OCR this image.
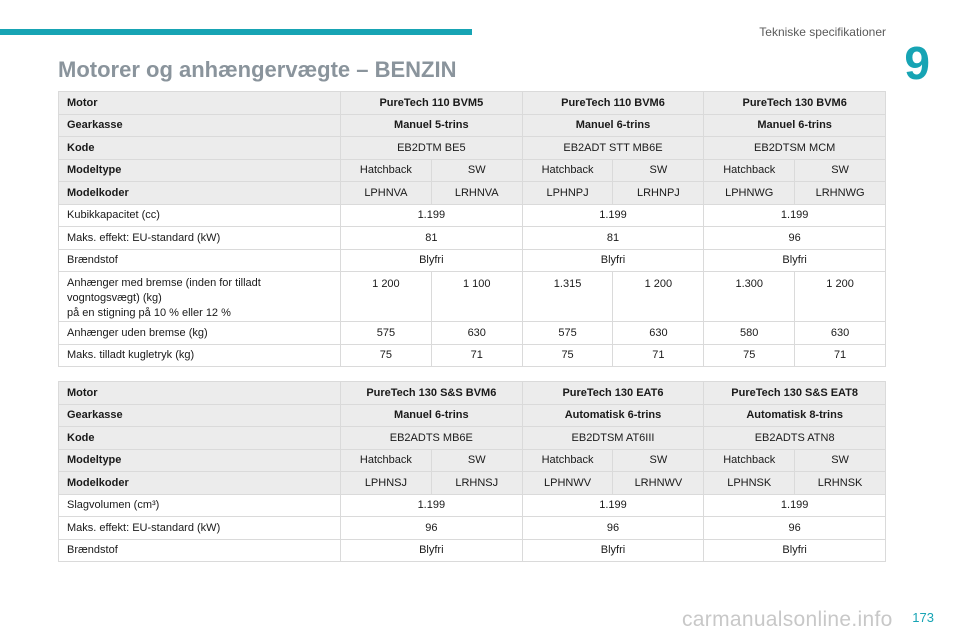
Tekniske specifikationer
9
Motorer og anhængervægte – BENZIN
Motor	PureTech 110 BVM5		PureTech 110 BVM6		PureTech 130 BVM6	
Gearkasse	Manuel 5-trins		Manuel 6-trins		Manuel 6-trins	
Kode	EB2DTM BE5		EB2ADT STT MB6E		EB2DTSM MCM	
Modeltype	Hatchback	SW	Hatchback	SW	Hatchback	SW
Modelkoder	LPHNVA	LRHNVA	LPHNPJ	LRHNPJ	LPHNWG	LRHNWG
Kubikkapacitet (cc)	1.199		1.199		1.199	
Maks. effekt: EU-standard (kW)	81		81		96	
Brændstof	Blyfri		Blyfri		Blyfri	
Anhænger med bremse (inden for tilladt
vogntogsvægt) (kg)
på en stigning på 10 % eller 12 %	1 200	1 100	1.315	1 200	1.300	1 200
Anhænger uden bremse (kg)	575	630	575	630	580	630
Maks. tilladt kugletryk (kg)	75	71	75	71	75	71
Motor	PureTech 130 S&S BVM6		PureTech 130 EAT6		PureTech 130 S&S EAT8	
Gearkasse	Manuel 6-trins		Automatisk 6-trins		Automatisk 8-trins	
Kode	EB2ADTS MB6E		EB2DTSM AT6III		EB2ADTS ATN8	
Modeltype	Hatchback	SW	Hatchback	SW	Hatchback	SW
Modelkoder	LPHNSJ	LRHNSJ	LPHNWV	LRHNWV	LPHNSK	LRHNSK
Slagvolumen (cm³)	1.199		1.199		1.199	
Maks. effekt: EU-standard (kW)	96		96		96	
Brændstof	Blyfri		Blyfri		Blyfri	
carmanualsonline.info 173
